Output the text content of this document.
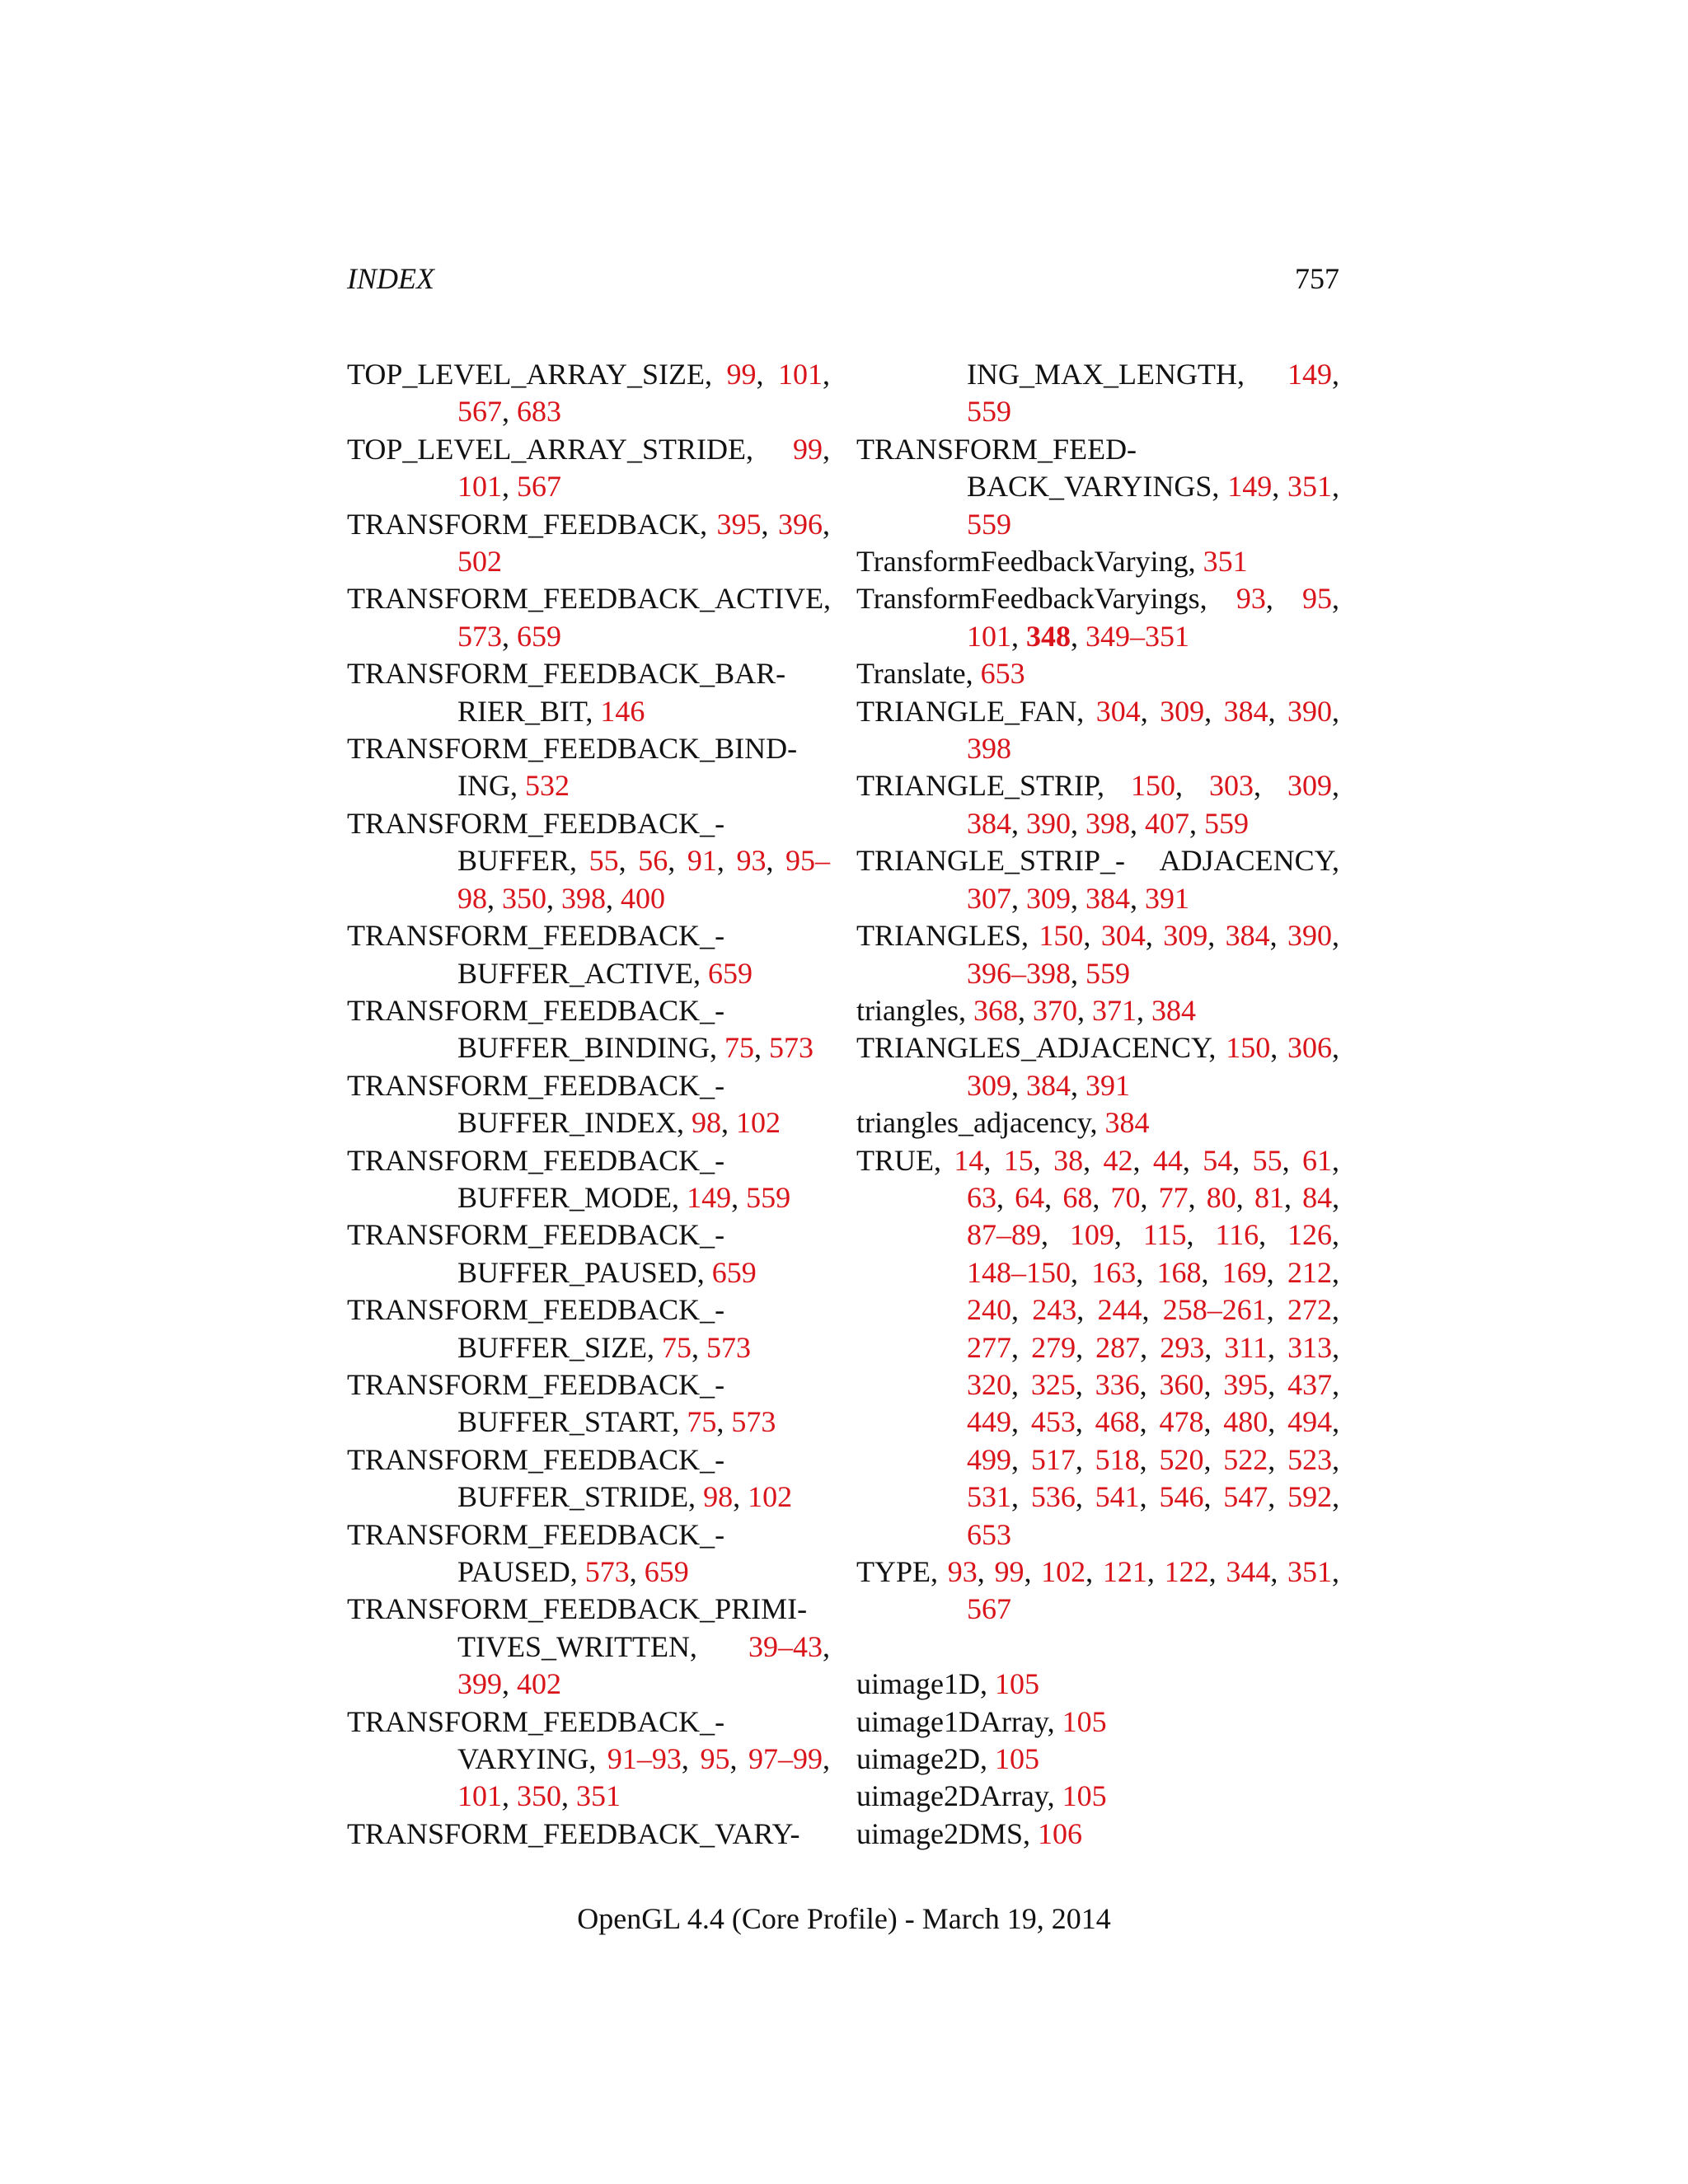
INDEX	757
TOP_LEVEL_ARRAY_SIZE, 99, 101, 567, 683
TOP_LEVEL_ARRAY_STRIDE, 99, 101, 567
TRANSFORM_FEEDBACK, 395, 396, 502
TRANSFORM_FEEDBACK_ACTIVE, 573, 659
TRANSFORM_FEEDBACK_BAR- RIER_BIT, 146
TRANSFORM_FEEDBACK_BIND- ING, 532
TRANSFORM_FEEDBACK_- BUFFER, 55, 56, 91, 93, 95–98, 350, 398, 400
TRANSFORM_FEEDBACK_- BUFFER_ACTIVE, 659
TRANSFORM_FEEDBACK_- BUFFER_BINDING, 75, 573
TRANSFORM_FEEDBACK_- BUFFER_INDEX, 98, 102
TRANSFORM_FEEDBACK_- BUFFER_MODE, 149, 559
TRANSFORM_FEEDBACK_- BUFFER_PAUSED, 659
TRANSFORM_FEEDBACK_- BUFFER_SIZE, 75, 573
TRANSFORM_FEEDBACK_- BUFFER_START, 75, 573
TRANSFORM_FEEDBACK_- BUFFER_STRIDE, 98, 102
TRANSFORM_FEEDBACK_- PAUSED, 573, 659
TRANSFORM_FEEDBACK_PRIMI- TIVES_WRITTEN, 39–43, 399, 402
TRANSFORM_FEEDBACK_- VARYING, 91–93, 95, 97–99, 101, 350, 351
TRANSFORM_FEEDBACK_VARY-
ING_MAX_LENGTH, 149, 559
TRANSFORM_FEED- BACK_VARYINGS, 149, 351, 559
TransformFeedbackVarying, 351
TransformFeedbackVaryings, 93, 95, 101, 348, 349–351
Translate, 653
TRIANGLE_FAN, 304, 309, 384, 390, 398
TRIANGLE_STRIP, 150, 303, 309, 384, 390, 398, 407, 559
TRIANGLE_STRIP_- ADJACENCY, 307, 309, 384, 391
TRIANGLES, 150, 304, 309, 384, 390, 396–398, 559
triangles, 368, 370, 371, 384
TRIANGLES_ADJACENCY, 150, 306, 309, 384, 391
triangles_adjacency, 384
TRUE, 14, 15, 38, 42, 44, 54, 55, 61, 63, 64, 68, 70, 77, 80, 81, 84, 87–89, 109, 115, 116, 126, 148–150, 163, 168, 169, 212, 240, 243, 244, 258–261, 272, 277, 279, 287, 293, 311, 313, 320, 325, 336, 360, 395, 437, 449, 453, 468, 478, 480, 494, 499, 517, 518, 520, 522, 523, 531, 536, 541, 546, 547, 592, 653
TYPE, 93, 99, 102, 121, 122, 344, 351, 567
uimage1D, 105
uimage1DArray, 105
uimage2D, 105
uimage2DArray, 105
uimage2DMS, 106
OpenGL 4.4 (Core Profile) - March 19, 2014
